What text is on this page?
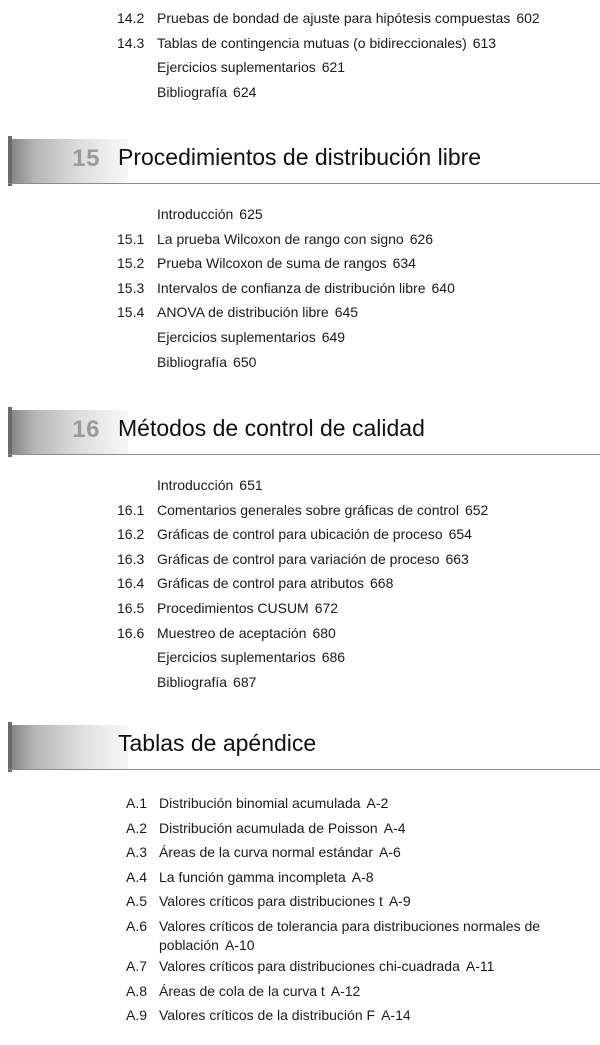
14.2 Pruebas de bondad de ajuste para hipótesis compuestas 602
14.3 Tablas de contingencia mutuas (o bidireccionales) 613
Ejercicios suplementarios 621
Bibliografía 624
15 Procedimientos de distribución libre
Introducción 625
15.1 La prueba Wilcoxon de rango con signo 626
15.2 Prueba Wilcoxon de suma de rangos 634
15.3 Intervalos de confianza de distribución libre 640
15.4 ANOVA de distribución libre 645
Ejercicios suplementarios 649
Bibliografía 650
16 Métodos de control de calidad
Introducción 651
16.1 Comentarios generales sobre gráficas de control 652
16.2 Gráficas de control para ubicación de proceso 654
16.3 Gráficas de control para variación de proceso 663
16.4 Gráficas de control para atributos 668
16.5 Procedimientos CUSUM 672
16.6 Muestreo de aceptación 680
Ejercicios suplementarios 686
Bibliografía 687
Tablas de apéndice
A.1 Distribución binomial acumulada A-2
A.2 Distribución acumulada de Poisson A-4
A.3 Áreas de la curva normal estándar A-6
A.4 La función gamma incompleta A-8
A.5 Valores críticos para distribuciones t A-9
A.6 Valores críticos de tolerancia para distribuciones normales de población A-10
A.7 Valores críticos para distribuciones chi-cuadrada A-11
A.8 Áreas de cola de la curva t A-12
A.9 Valores críticos de la distribución F A-14
